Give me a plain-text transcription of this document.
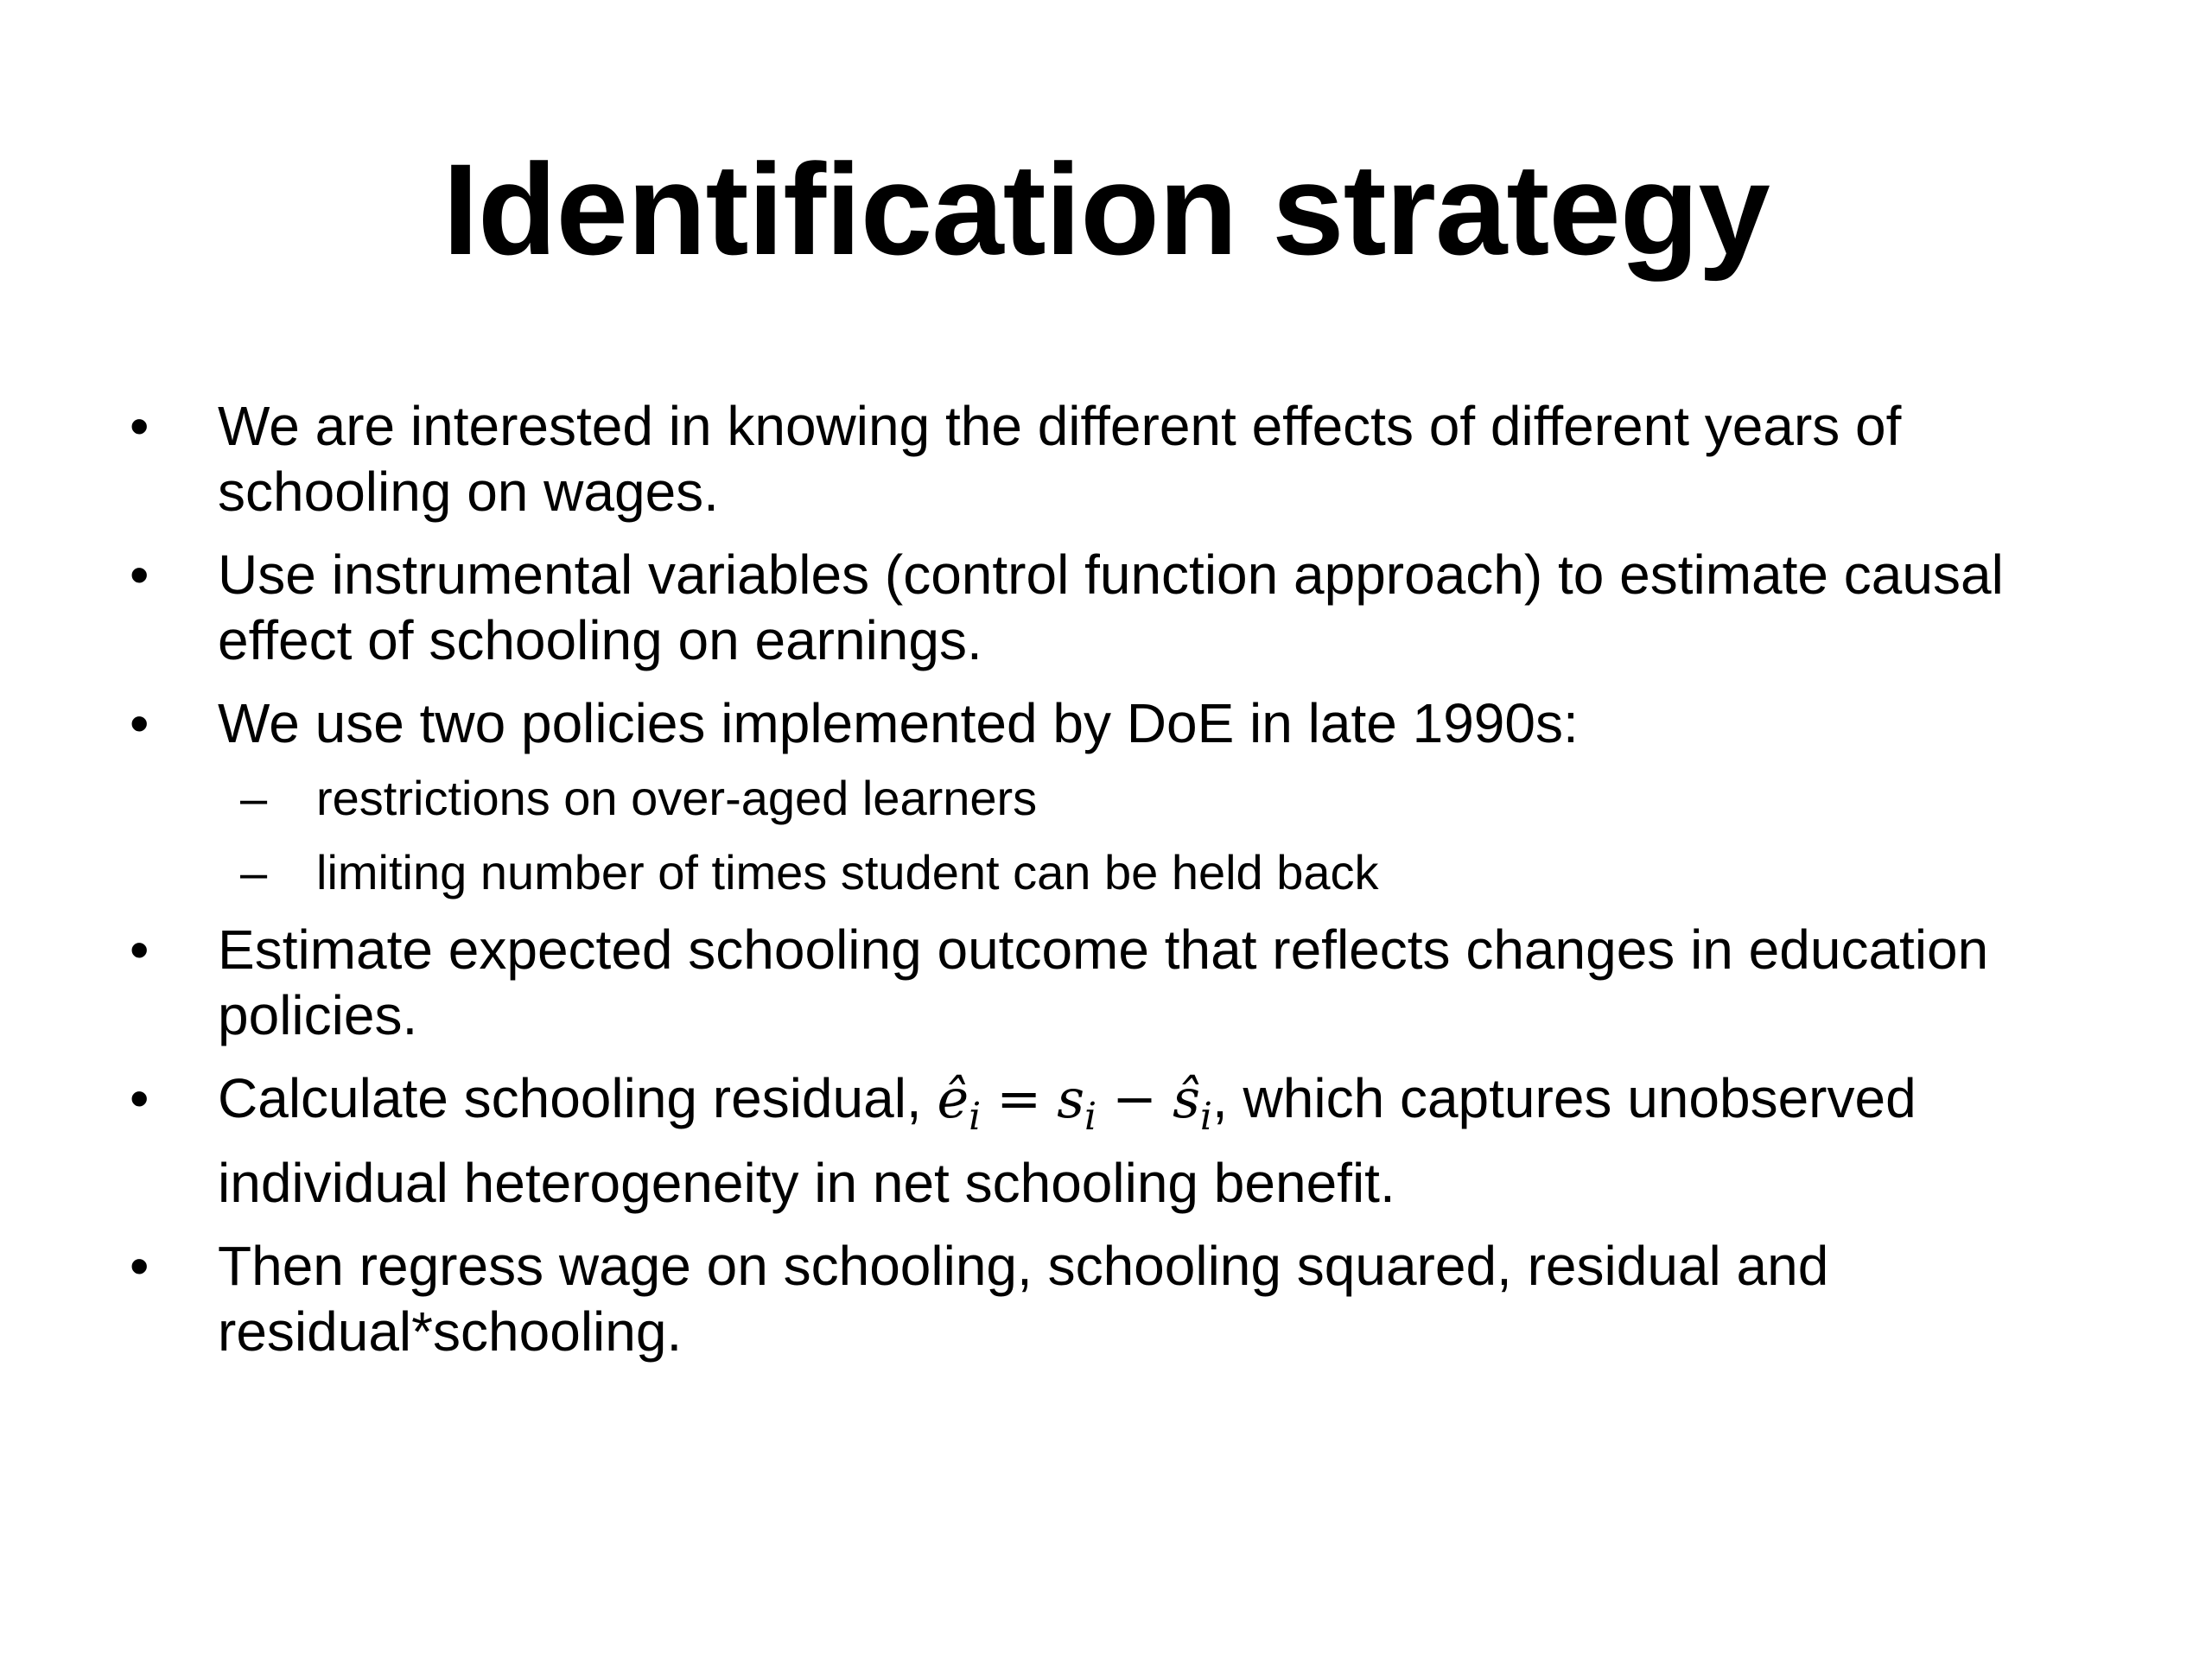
Identification strategy
• We are interested in knowing the different effects of different years of schooling on wages.
• Use instrumental variables (control function approach) to estimate causal effect of schooling on earnings.
• We use two policies implemented by DoE in late 1990s:
– restrictions on over-aged learners
– limiting number of times student can be held back
• Estimate expected schooling outcome that reflects changes in education policies.
• Calculate schooling residual, $ê_i = s_i$ − $ŝ_i$, which captures unobserved individual heterogeneity in net schooling benefit.
• Then regress wage on schooling, schooling squared, residual and residual*schooling.
